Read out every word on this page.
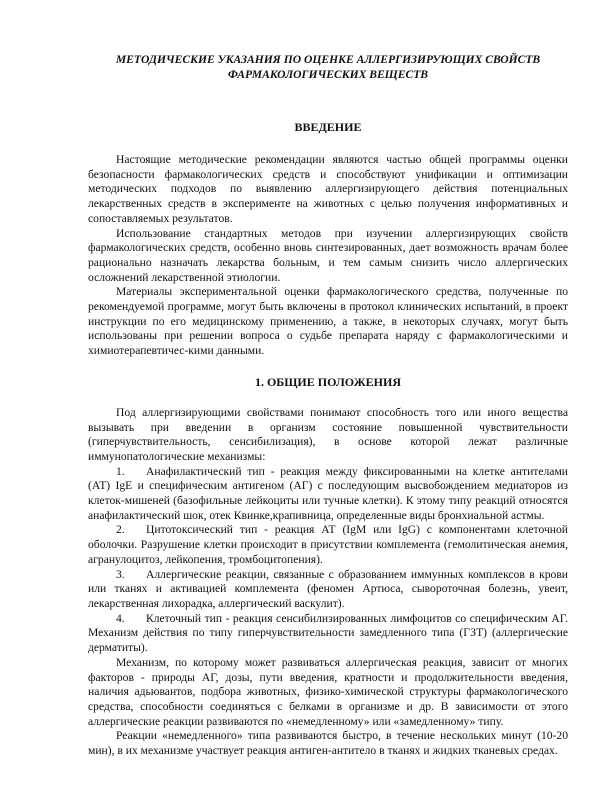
МЕТОДИЧЕСКИЕ УКАЗАНИЯ ПО ОЦЕНКЕ АЛЛЕРГИЗИРУЮЩИХ СВОЙСТВ

ФАРМАКОЛОГИЧЕСКИХ ВЕЩЕСТВ

ВВЕДЕНИЕ

Настоящие методические рекомендации являются частью общей программы оценки безопасности фармакологических средств и способствуют унификации и оптимизации методических подходов по выявлению аллергизирующего действия потенциальных лекарственных средств в эксперименте на животных с целью получения информативных и сопоставляемых результатов.

Использование стандартных методов при изучении аллергизирующих свойств фармакологических средств, особенно вновь синтезированных, дает возможность врачам более рационально назначать лекарства больным, и тем самым снизить число аллергических осложнений лекарственной этиологии.

Материалы экспериментальной оценки фармакологического средства, полученные по рекомендуемой программе, могут быть включены в протокол клинических испытаний, в проект инструкции по его медицинскому применению, а также, в некоторых случаях, могут быть использованы при решении вопроса о судьбе препарата наряду с фармакологическими и химиотерапевтичес-кими данными.

1. ОБЩИЕ ПОЛОЖЕНИЯ

Под аллергизирующими свойствами понимают способность того или иного вещества вызывать при введении в организм состояние повышенной чувствительности (гиперчувствительность, сенсибилизация), в основе которой лежат различные иммунопатологические механизмы:

1. Анафилактический тип - реакция между фиксированными на клетке антителами (АТ) IgE и специфическим антигеном (АГ) с последующим высвобождением медиаторов из клеток-мишеней (базофильные лейкоциты или тучные клетки). К этому типу реакций относятся анафилактический шок, отек Квинке,крапивница, определенные виды бронхиальной астмы.
2. Цитотоксический тип - реакция АТ (IgM или IgG) с компонентами клеточной оболочки. Разрушение клетки происходит в присутствии комплемента (гемолитическая анемия, агранулоцитоз, лейкопения, тромбоцитопения).
3. Аллергические реакции, связанные с образованием иммунных комплексов в крови или тканях и активацией комплемента (феномен Артюса, сывороточная болезнь, увеит, лекарственная лихорадка, аллергический васкулит).
4. Клеточный тип - реакция сенсибилизированных лимфоцитов со специфическим АГ. Механизм действия по типу гиперчувствительности замедленного типа (ГЗТ) (аллергические дерматиты).

Механизм, по которому может развиваться аллергическая реакция, зависит от многих факторов - природы АГ, дозы, пути введения, кратности и продолжительности введения, наличия адьювантов, подбора животных, физико-химической структуры фармакологического средства, способности соединяться с белками в организме и др. В зависимости от этого аллергические реакции развиваются по «немедленному» или «замедленному» типу.

Реакции «немедленного» типа развиваются быстро, в течение нескольких минут (10-20 мин), в их механизме участвует реакция антиген-антитело в тканях и жидких тканевых средах.
